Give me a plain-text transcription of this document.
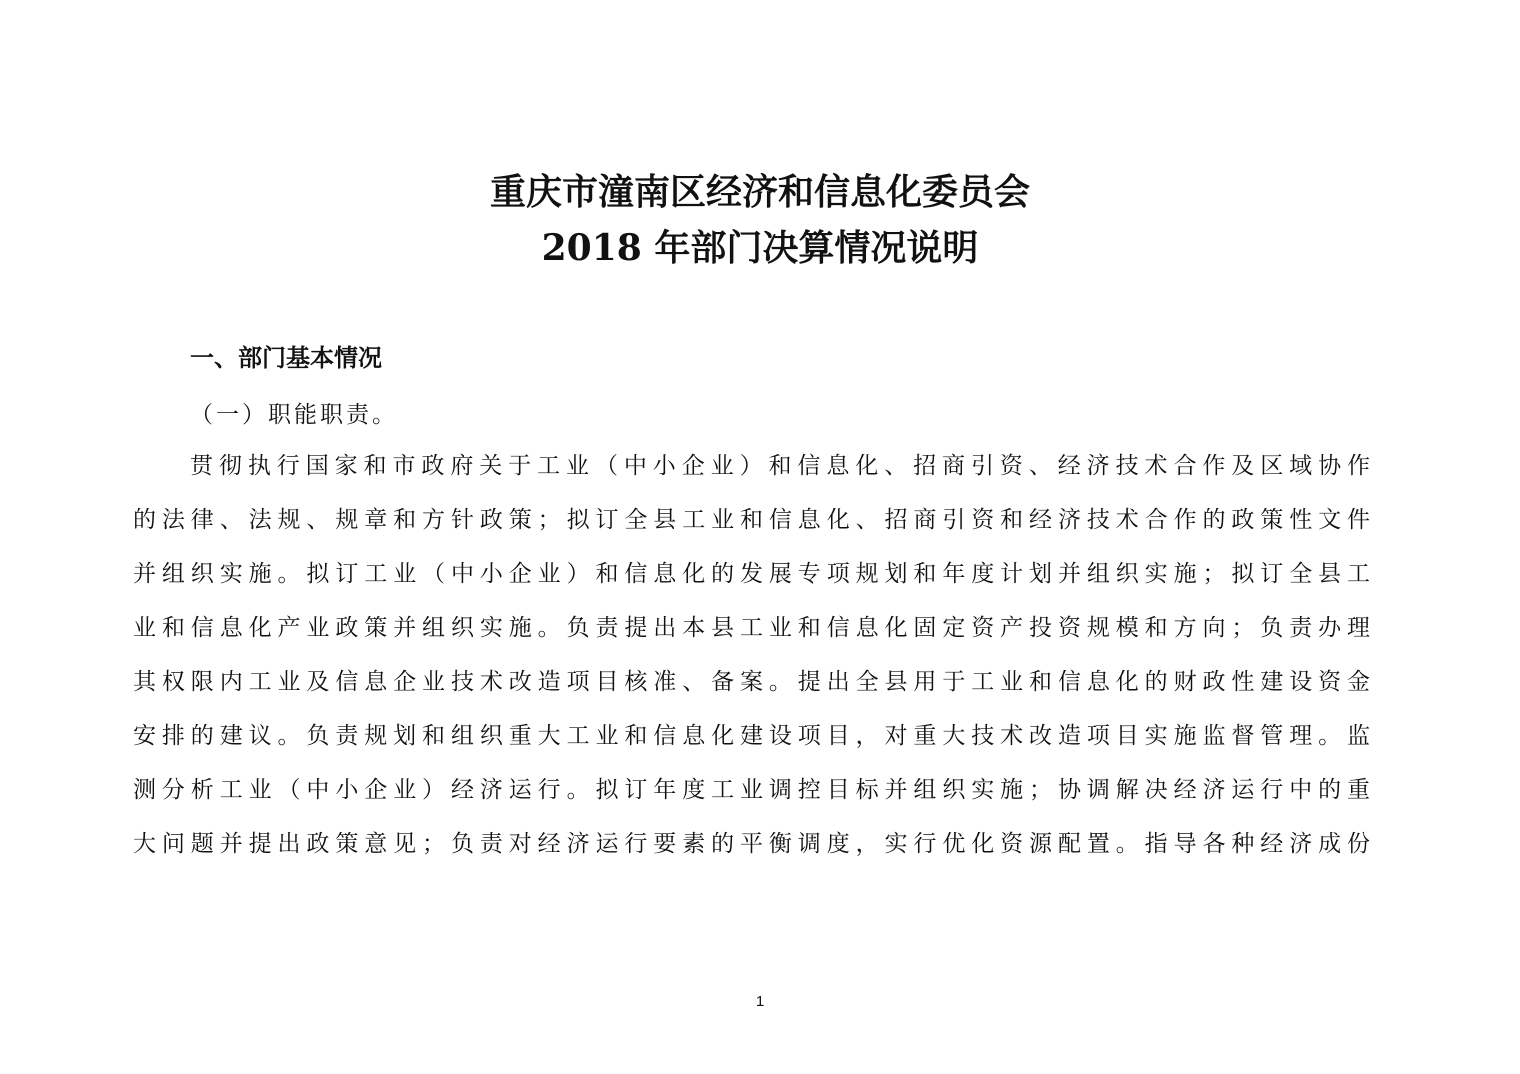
重庆市潼南区经济和信息化委员会
2018 年部门决算情况说明
一、部门基本情况
（一）职能职责。
贯彻执行国家和市政府关于工业（中小企业）和信息化、招商引资、经济技术合作及区域协作
的法律、法规、规章和方针政策；拟订全县工业和信息化、招商引资和经济技术合作的政策性文件
并组织实施。拟订工业（中小企业）和信息化的发展专项规划和年度计划并组织实施；拟订全县工
业和信息化产业政策并组织实施。负责提出本县工业和信息化固定资产投资规模和方向；负责办理
其权限内工业及信息企业技术改造项目核准、备案。提出全县用于工业和信息化的财政性建设资金
安排的建议。负责规划和组织重大工业和信息化建设项目，对重大技术改造项目实施监督管理。监
测分析工业（中小企业）经济运行。拟订年度工业调控目标并组织实施；协调解决经济运行中的重
大问题并提出政策意见；负责对经济运行要素的平衡调度，实行优化资源配置。指导各种经济成份
1
